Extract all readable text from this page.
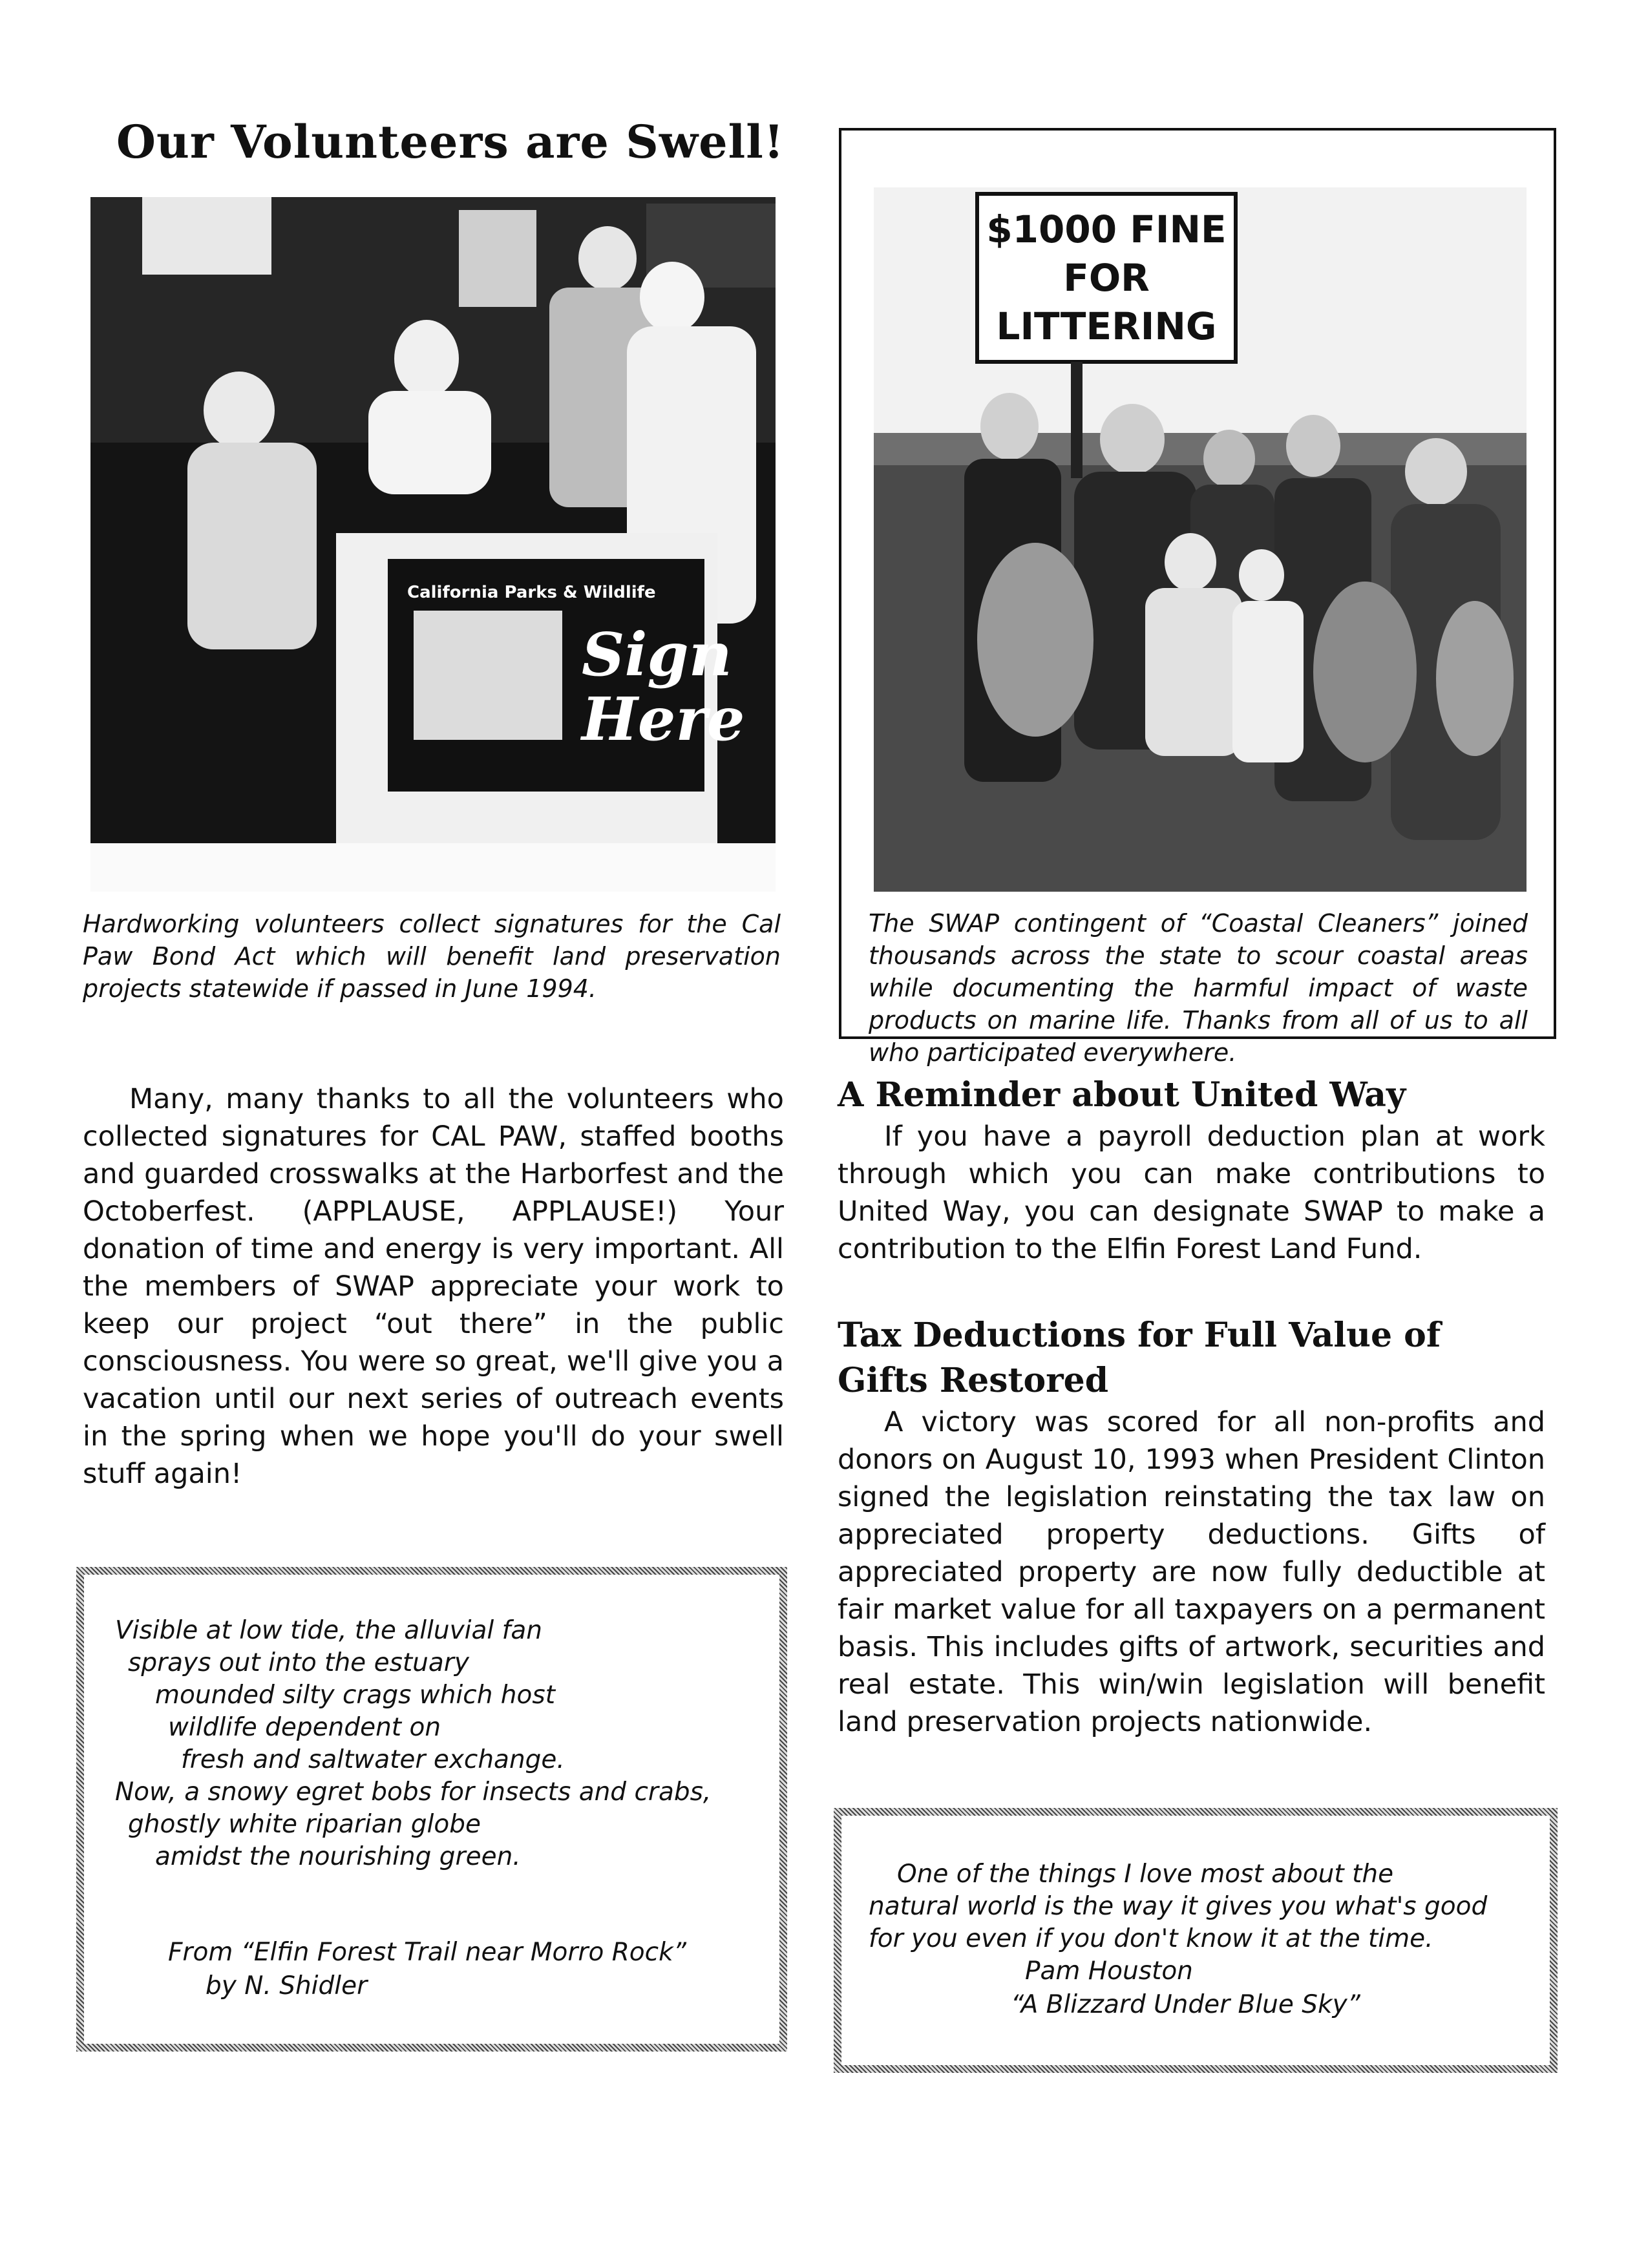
Our Volunteers are Swell!
California Parks & Wildlife
Sign
Here
Hardworking volunteers collect signatures for the Cal Paw Bond Act which will benefit land preservation projects statewide if passed in June 1994.

Many, many thanks to all the volunteers who collected signatures for CAL PAW, staffed booths and guarded crosswalks at the Harborfest and the Octoberfest. (APPLAUSE, APPLAUSE!) Your donation of time and energy is very important. All the members of SWAP appreciate your work to keep our project “out there” in the public consciousness. You were so great, we'll give you a vacation until our next series of outreach events in the spring when we hope you'll do your swell stuff again!

Visible at low tide, the alluvial fan
sprays out into the estuary
mounded silty crags which host
wildlife dependent on
fresh and saltwater exchange.
Now, a snowy egret bobs for insects and crabs,
ghostly white riparian globe
amidst the nourishing green.
From “Elfin Forest Trail near Morro Rock”
by N. Shidler
$1000 FINE
FOR
LITTERING
The SWAP contingent of “Coastal Cleaners” joined thousands across the state to scour coastal areas while documenting the harmful impact of waste products on marine life. Thanks from all of us to all who participated everywhere.
A Reminder about United Way

If you have a payroll deduction plan at work through which you can make contributions to United Way, you can designate SWAP to make a contribution to the Elfin Forest Land Fund.

Tax Deductions for Full Value of
Gifts Restored

A victory was scored for all non-profits and donors on August 10, 1993 when President Clinton signed the legislation reinstating the tax law on appreciated property deductions. Gifts of appreciated property are now fully deductible at fair market value for all taxpayers on a permanent basis. This includes gifts of artwork, securities and real estate. This win/win legislation will benefit land preservation projects nationwide.

One of the things I love most about the
natural world is the way it gives you what's good
for you even if you don't know it at the time.
Pam Houston
“A Blizzard Under Blue Sky”
